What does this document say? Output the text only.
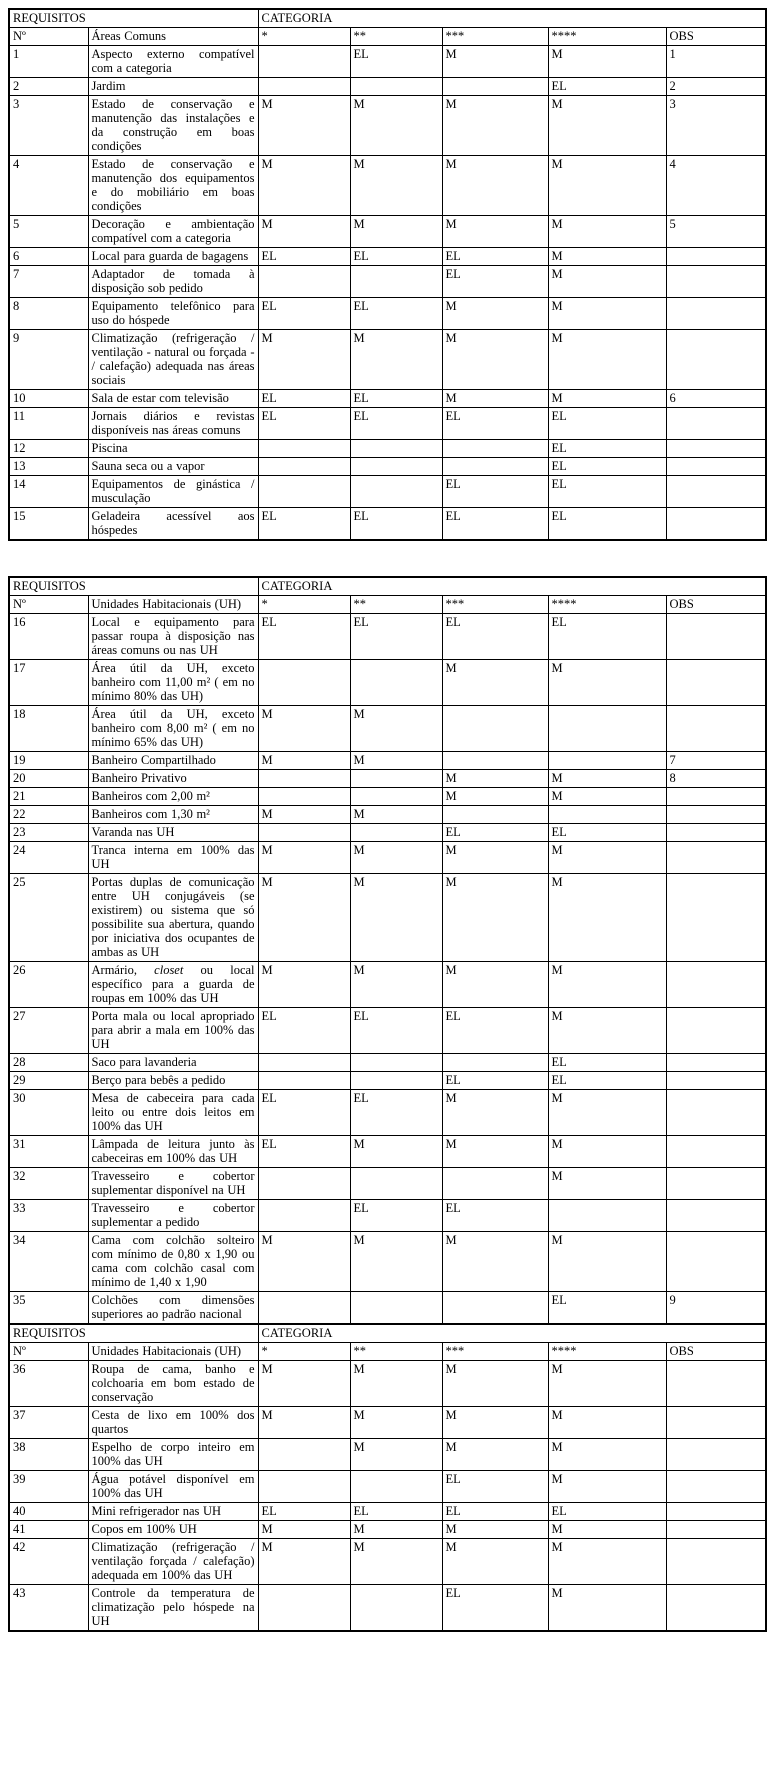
REQUISITOS		CATEGORIA				
Nº	Áreas Comuns	*	**	***	****	OBS
1	Aspecto externo compatível com a categoria		EL	M	M	1
2	Jardim				EL	2
3	Estado de conservação e manutenção das instalações e da construção em boas condições	M	M	M	M	3
4	Estado de conservação e manutenção dos equipamentos e do mobiliário em boas condições	M	M	M	M	4
5	Decoração e ambientação compatível com a categoria	M	M	M	M	5
6	Local para guarda de bagagens	EL	EL	EL	M	
7	Adaptador de tomada à disposição sob pedido			EL	M	
8	Equipamento telefônico para uso do hóspede	EL	EL	M	M	
9	Climatização (refrigeração / ventilação - natural ou forçada - / calefação) adequada nas áreas sociais	M	M	M	M	
10	Sala de estar com televisão	EL	EL	M	M	6
11	Jornais diários e revistas disponíveis nas áreas comuns	EL	EL	EL	EL	
12	Piscina				EL	
13	Sauna seca ou a vapor				EL	
14	Equipamentos de ginástica / musculação			EL	EL	
15	Geladeira acessível aos hóspedes	EL	EL	EL	EL	
REQUISITOS		CATEGORIA				
Nº	Unidades Habitacionais (UH)	*	**	***	****	OBS
16	Local e equipamento para passar roupa à disposição nas áreas comuns ou nas UH	EL	EL	EL	EL	
17	Área útil da UH, exceto banheiro com 11,00 m² ( em no mínimo 80% das UH)			M	M	
18	Área útil da UH, exceto banheiro com 8,00 m² ( em no mínimo 65% das UH)	M	M			
19	Banheiro Compartilhado	M	M			7
20	Banheiro Privativo			M	M	8
21	Banheiros com 2,00 m²			M	M	
22	Banheiros com 1,30 m²	M	M			
23	Varanda nas UH			EL	EL	
24	Tranca interna em 100% das UH	M	M	M	M	
25	Portas duplas de comunicação entre UH conjugáveis (se existirem) ou sistema que só possibilite sua abertura, quando por iniciativa dos ocupantes de ambas as UH	M	M	M	M	
26	Armário, closet ou local específico para a guarda de roupas em 100% das UH	M	M	M	M	
27	Porta mala ou local apropriado para abrir a mala em 100% das UH	EL	EL	EL	M	
28	Saco para lavanderia				EL	
29	Berço para bebês a pedido			EL	EL	
30	Mesa de cabeceira para cada leito ou entre dois leitos em 100% das UH	EL	EL	M	M	
31	Lâmpada de leitura junto às cabeceiras em 100% das UH	EL	M	M	M	
32	Travesseiro e cobertor suplementar disponível na UH				M	
33	Travesseiro e cobertor suplementar a pedido		EL	EL		
34	Cama com colchão solteiro com mínimo de 0,80 x 1,90 ou cama com colchão casal com mínimo de 1,40 x 1,90	M	M	M	M	
35	Colchões com dimensões superiores ao padrão nacional				EL	9
REQUISITOS		CATEGORIA				
Nº	Unidades Habitacionais (UH)	*	**	***	****	OBS
36	Roupa de cama, banho e colchoaria em bom estado de conservação	M	M	M	M	
37	Cesta de lixo em 100% dos quartos	M	M	M	M	
38	Espelho de corpo inteiro em 100% das UH		M	M	M	
39	Água potável disponível em 100% das UH			EL	M	
40	Mini refrigerador nas UH	EL	EL	EL	EL	
41	Copos em 100% UH	M	M	M	M	
42	Climatização (refrigeração / ventilação forçada / calefação) adequada em 100% das UH	M	M	M	M	
43	Controle da temperatura de climatização pelo hóspede na UH			EL	M	
